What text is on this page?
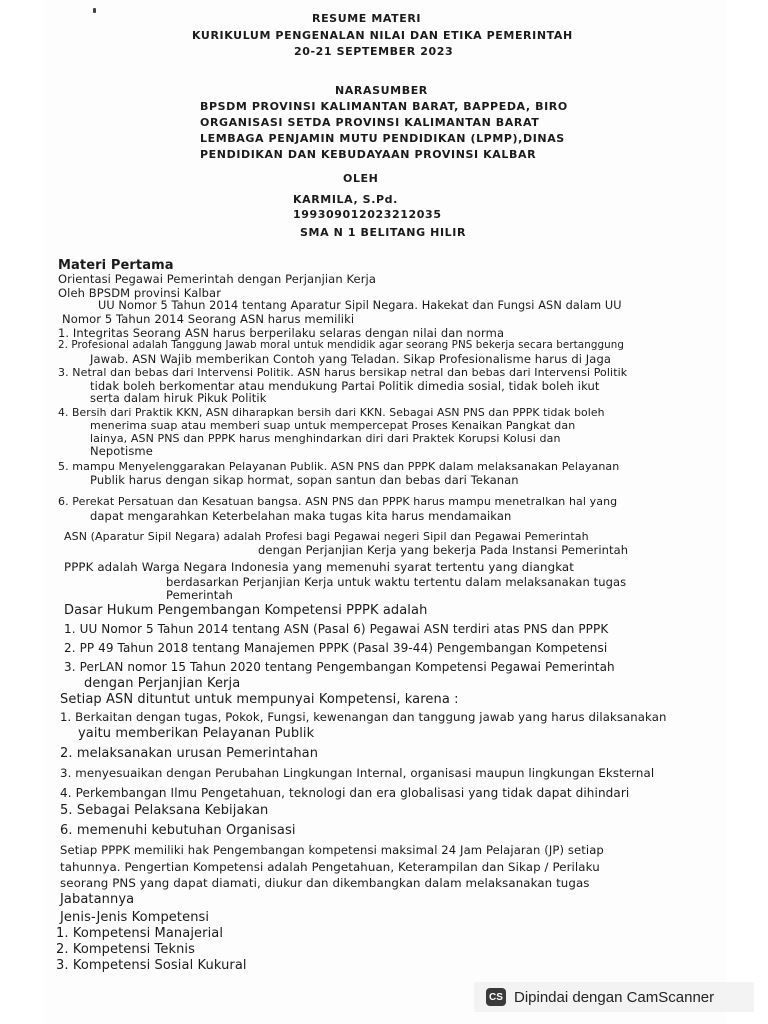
RESUME MATERI
KURIKULUM PENGENALAN NILAI DAN ETIKA PEMERINTAH
20-21 SEPTEMBER 2023
NARASUMBER
BPSDM PROVINSI KALIMANTAN BARAT, BAPPEDA, BIRO
ORGANISASI SETDA PROVINSI KALIMANTAN BARAT
LEMBAGA PENJAMIN MUTU PENDIDIKAN (LPMP),DINAS
PENDIDIKAN DAN KEBUDAYAAN PROVINSI KALBAR
OLEH
KARMILA, S.Pd.
199309012023212035
SMA N 1 BELITANG HILIR
Materi Pertama
Orientasi Pegawai Pemerintah dengan Perjanjian Kerja
Oleh BPSDM provinsi Kalbar
UU Nomor 5 Tahun 2014 tentang Aparatur Sipil Negara. Hakekat dan Fungsi ASN dalam UU
Nomor 5 Tahun 2014 Seorang ASN harus memiliki
1. Integritas Seorang ASN harus berperilaku selaras dengan nilai dan norma
2. Profesional adalah Tanggung Jawab moral untuk mendidik agar seorang PNS bekerja secara bertanggung
Jawab. ASN Wajib memberikan Contoh yang Teladan. Sikap Profesionalisme harus di Jaga
3. Netral dan bebas dari Intervensi Politik. ASN harus bersikap netral dan bebas dari Intervensi Politik
tidak boleh berkomentar atau mendukung Partai Politik dimedia sosial, tidak boleh ikut
serta dalam hiruk Pikuk Politik
4. Bersih dari Praktik KKN, ASN diharapkan bersih dari KKN. Sebagai ASN PNS dan PPPK tidak boleh
menerima suap atau memberi suap untuk mempercepat Proses Kenaikan Pangkat dan
lainya, ASN PNS dan PPPK harus menghindarkan diri dari Praktek Korupsi Kolusi dan
Nepotisme
5. mampu Menyelenggarakan Pelayanan Publik. ASN PNS dan PPPK dalam melaksanakan Pelayanan
Publik harus dengan sikap hormat, sopan santun dan bebas dari Tekanan
6. Perekat Persatuan dan Kesatuan bangsa. ASN PNS dan PPPK harus mampu menetralkan hal yang
dapat mengarahkan Keterbelahan maka tugas kita harus mendamaikan
ASN (Aparatur Sipil Negara) adalah Profesi bagi Pegawai negeri Sipil dan Pegawai Pemerintah
dengan Perjanjian Kerja yang bekerja Pada Instansi Pemerintah
PPPK adalah Warga Negara Indonesia yang memenuhi syarat tertentu yang diangkat
berdasarkan Perjanjian Kerja untuk waktu tertentu dalam melaksanakan tugas
Pemerintah
Dasar Hukum Pengembangan Kompetensi PPPK adalah
1. UU Nomor 5 Tahun 2014 tentang ASN (Pasal 6) Pegawai ASN terdiri atas PNS dan PPPK
2. PP 49 Tahun 2018 tentang Manajemen PPPK (Pasal 39-44) Pengembangan Kompetensi
3. PerLAN nomor 15 Tahun 2020 tentang Pengembangan Kompetensi Pegawai Pemerintah
dengan Perjanjian Kerja
Setiap ASN dituntut untuk mempunyai Kompetensi, karena :
1. Berkaitan dengan tugas, Pokok, Fungsi, kewenangan dan tanggung jawab yang harus dilaksanakan
yaitu memberikan Pelayanan Publik
2. melaksanakan urusan Pemerintahan
3. menyesuaikan dengan Perubahan Lingkungan Internal, organisasi maupun lingkungan Eksternal
4. Perkembangan Ilmu Pengetahuan, teknologi dan era globalisasi yang tidak dapat dihindari
5. Sebagai Pelaksana Kebijakan
6. memenuhi kebutuhan Organisasi
Setiap PPPK memiliki hak Pengembangan kompetensi maksimal 24 Jam Pelajaran (JP) setiap
tahunnya. Pengertian Kompetensi adalah Pengetahuan, Keterampilan dan Sikap / Perilaku
seorang PNS yang dapat diamati, diukur dan dikembangkan dalam melaksanakan tugas
Jabatannya
Jenis-Jenis Kompetensi
1. Kompetensi Manajerial
2. Kompetensi Teknis
3. Kompetensi Sosial Kukural
CS Dipindai dengan CamScanner
